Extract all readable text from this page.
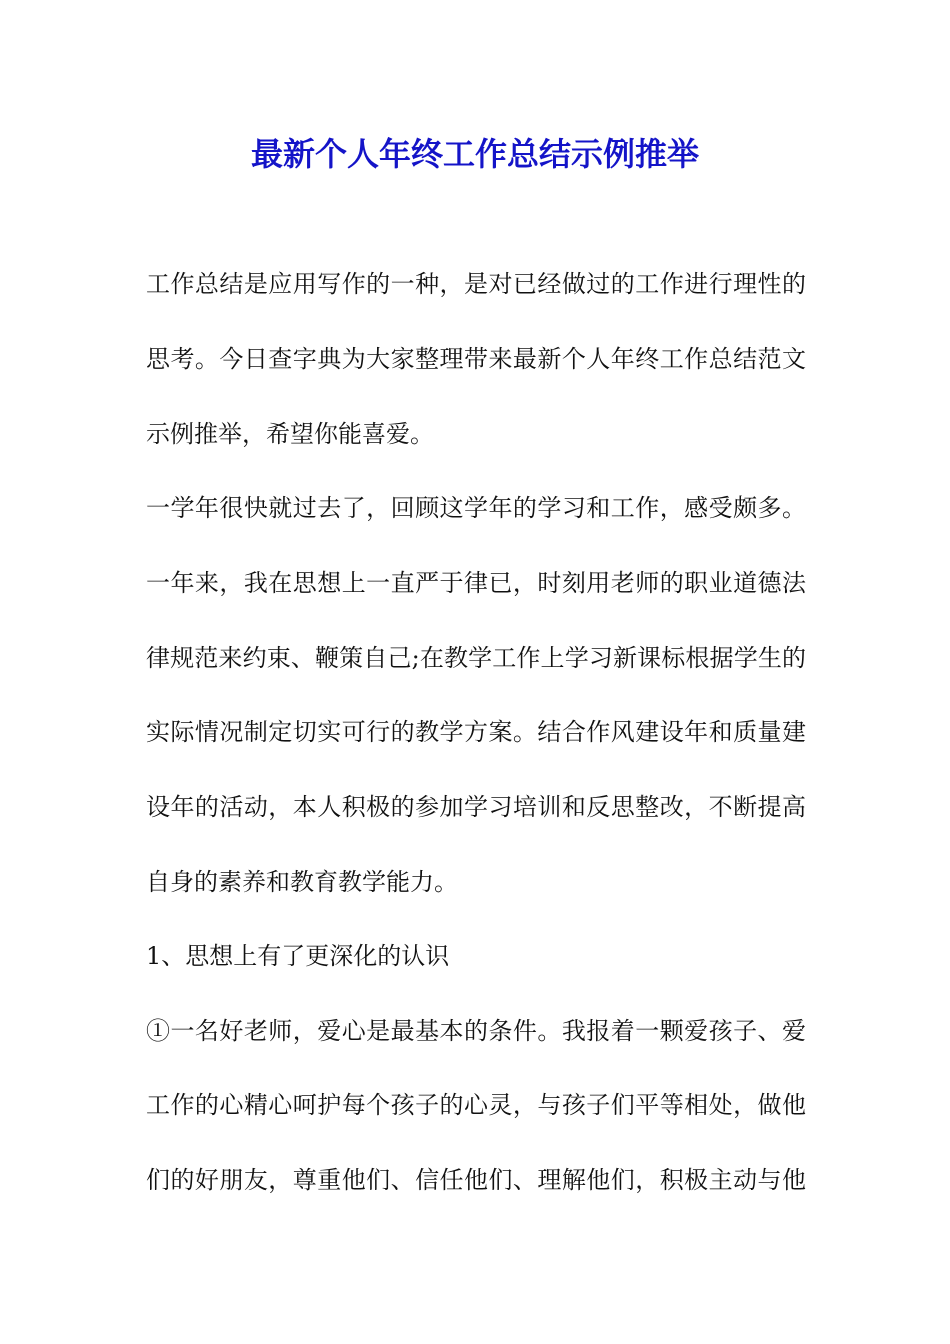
最新个人年终工作总结示例推举

工作总结是应用写作的一种，是对已经做过的工作进行理性的

思考。今日查字典为大家整理带来最新个人年终工作总结范文

示例推举，希望你能喜爱。

一学年很快就过去了，回顾这学年的学习和工作，感受颇多。

一年来，我在思想上一直严于律已，时刻用老师的职业道德法

律规范来约束、鞭策自己;在教学工作上学习新课标根据学生的

实际情况制定切实可行的教学方案。结合作风建设年和质量建

设年的活动，本人积极的参加学习培训和反思整改，不断提高

自身的素养和教育教学能力。

1、思想上有了更深化的认识

①一名好老师，爱心是最基本的条件。我报着一颗爱孩子、爱

工作的心精心呵护每个孩子的心灵，与孩子们平等相处，做他

们的好朋友，尊重他们、信任他们、理解他们，积极主动与他
